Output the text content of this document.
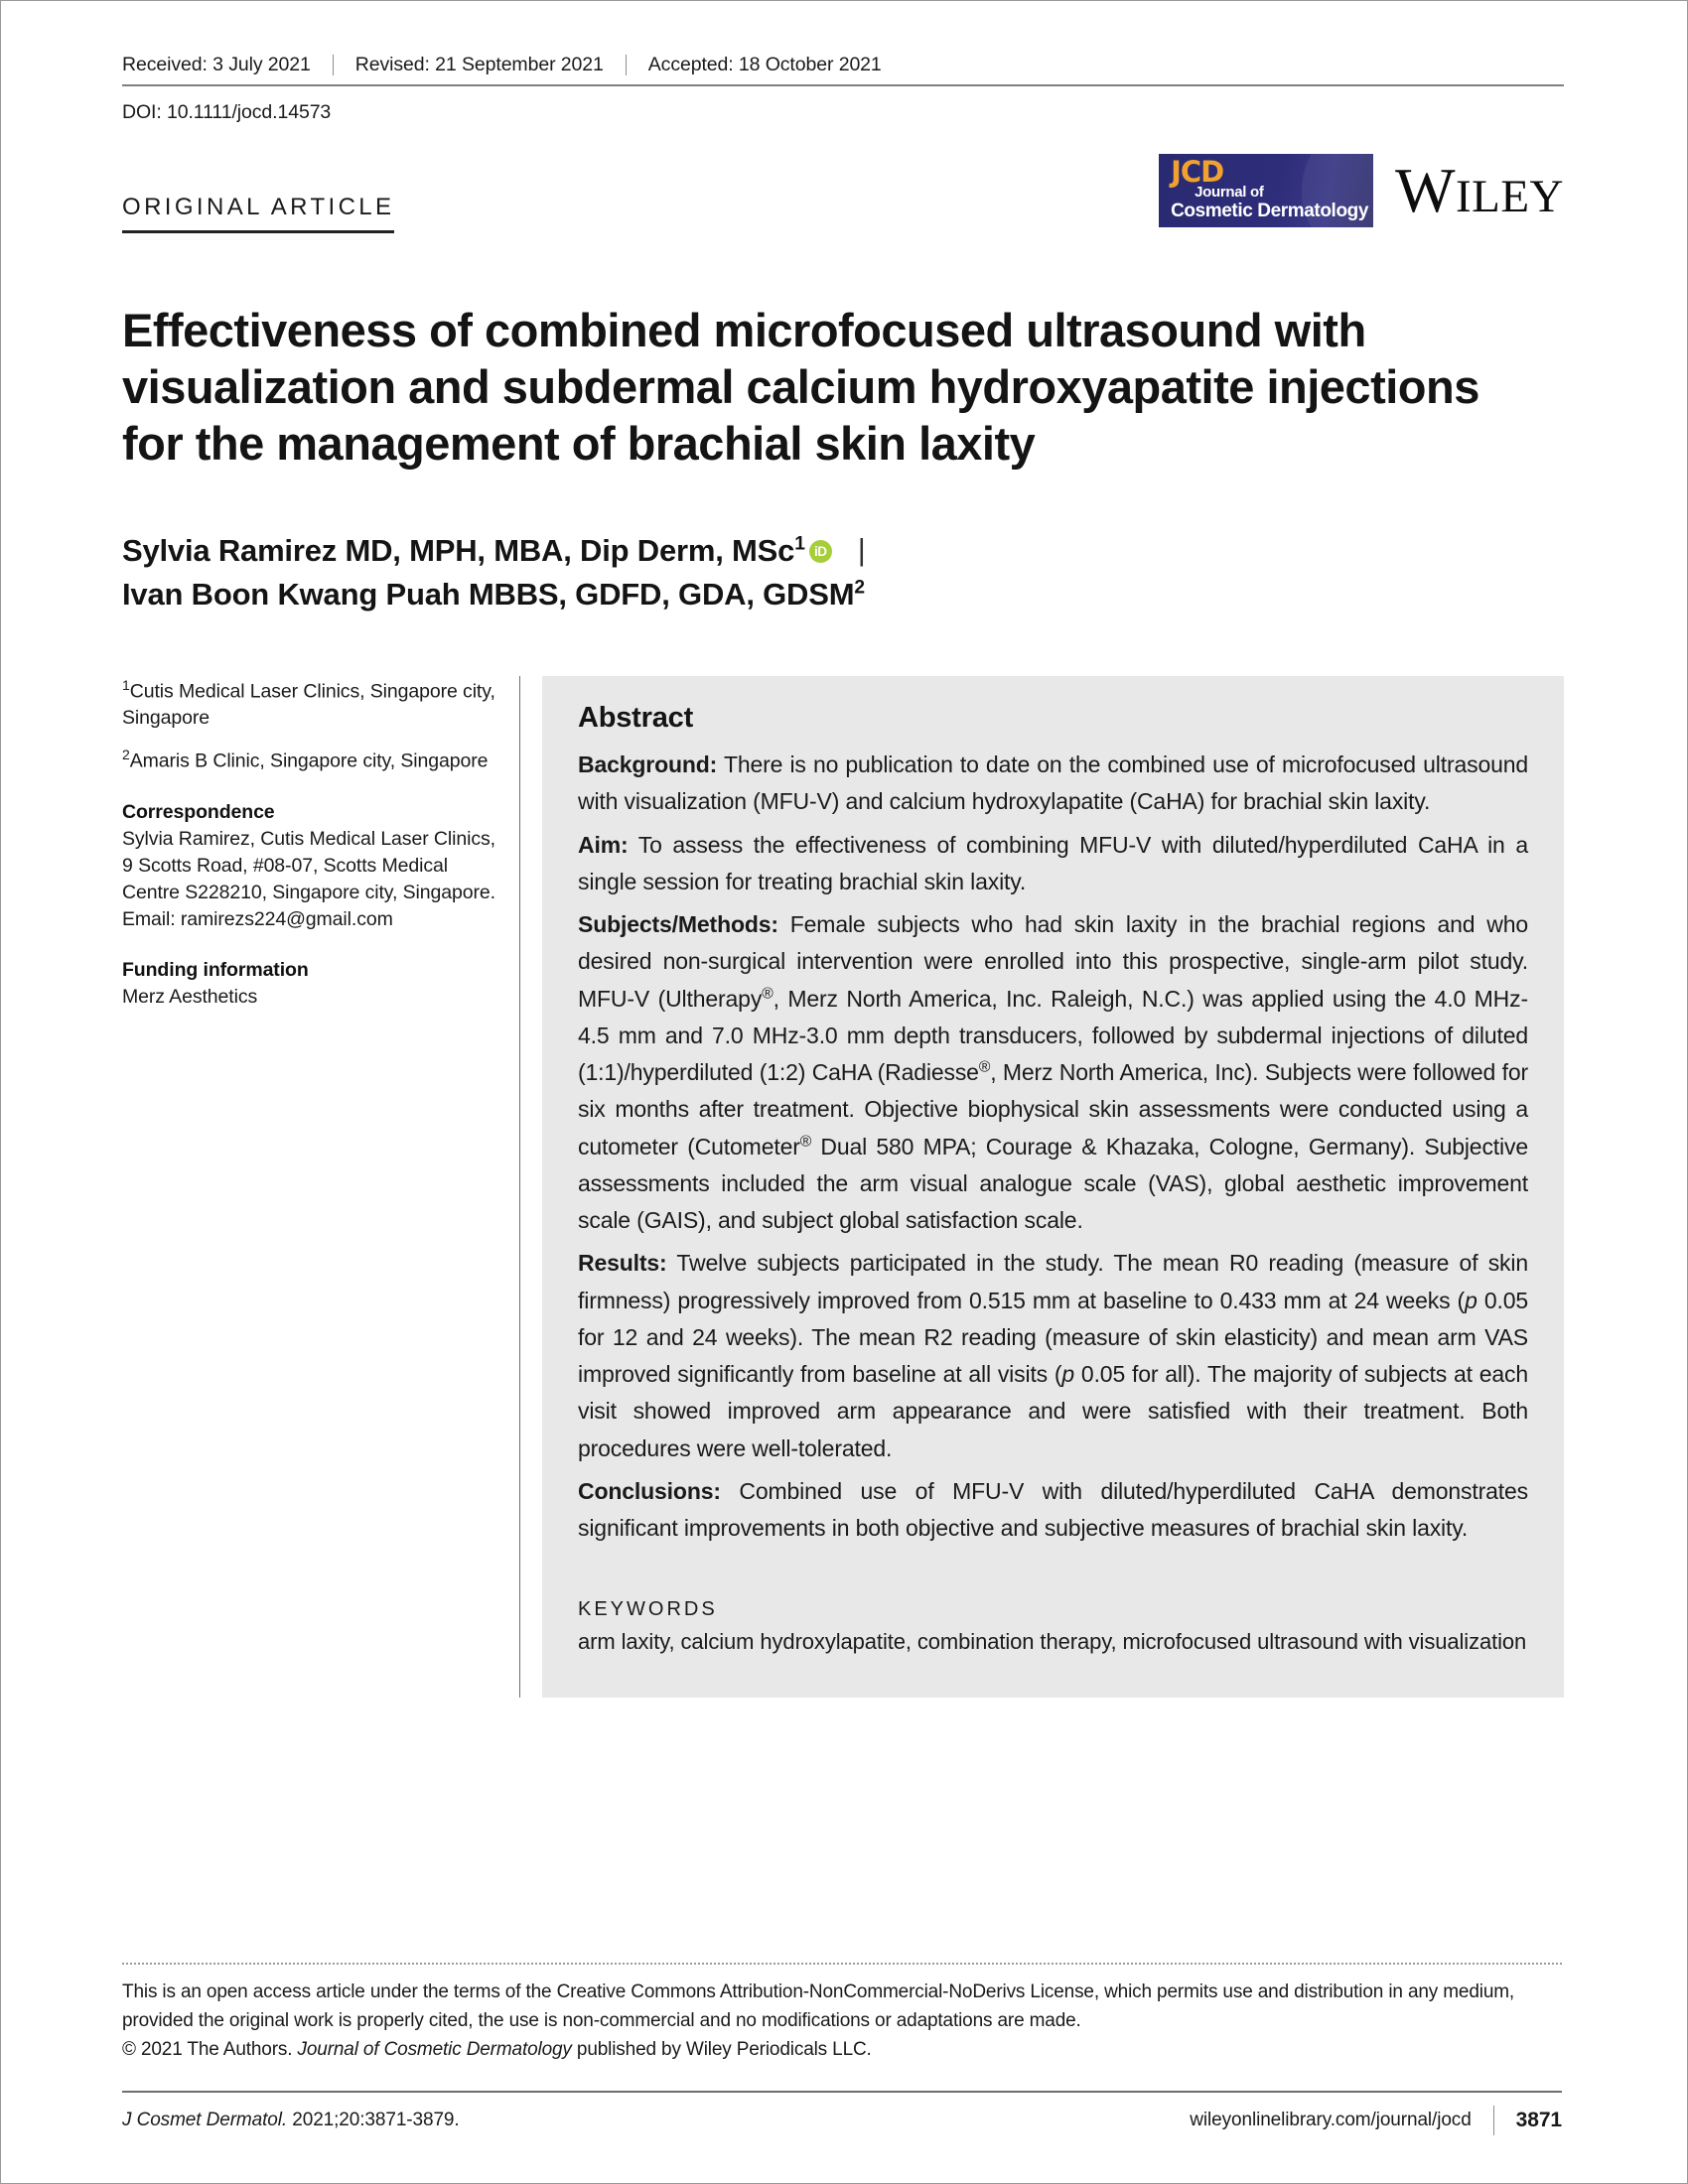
Received: 3 July 2021	Revised: 21 September 2021	Accepted: 18 October 2021
DOI: 10.1111/jocd.14573
ORIGINAL ARTICLE
JCD
Journal of
Cosmetic Dermatology WILEY
Effectiveness of combined microfocused ultrasound with visualization and subdermal calcium hydroxyapatite injections for the management of brachial skin laxity
Sylvia Ramirez MD, MPH, MBA, Dip Derm, MSc$^1$ iD |
Ivan Boon Kwang Puah MBBS, GDFD, GDA, GDSM$^2$
$^1$Cutis Medical Laser Clinics, Singapore city, Singapore
$^2$Amaris B Clinic, Singapore city, Singapore
Correspondence
Sylvia Ramirez, Cutis Medical Laser Clinics, 9 Scotts Road, #08-07, Scotts Medical Centre S228210, Singapore city, Singapore.
Email: ramirezs224@gmail.com
Funding information
Merz Aesthetics
Abstract

Background: There is no publication to date on the combined use of microfocused ultrasound with visualization (MFU-V) and calcium hydroxylapatite (CaHA) for brachial skin laxity.

Aim: To assess the effectiveness of combining MFU-V with diluted/hyperdiluted CaHA in a single session for treating brachial skin laxity.

Subjects/Methods: Female subjects who had skin laxity in the brachial regions and who desired non-surgical intervention were enrolled into this prospective, single-arm pilot study. MFU-V (Ultherapy®, Merz North America, Inc. Raleigh, N.C.) was applied using the 4.0 MHz-4.5 mm and 7.0 MHz-3.0 mm depth transducers, followed by subdermal injections of diluted (1:1)/hyperdiluted (1:2) CaHA (Radiesse®, Merz North America, Inc). Subjects were followed for six months after treatment. Objective biophysical skin assessments were conducted using a cutometer (Cutometer® Dual 580 MPA; Courage & Khazaka, Cologne, Germany). Subjective assessments included the arm visual analogue scale (VAS), global aesthetic improvement scale (GAIS), and subject global satisfaction scale.

Results: Twelve subjects participated in the study. The mean R0 reading (measure of skin firmness) progressively improved from 0.515 mm at baseline to 0.433 mm at 24 weeks (p 0.05 for 12 and 24 weeks). The mean R2 reading (measure of skin elasticity) and mean arm VAS improved significantly from baseline at all visits (p 0.05 for all). The majority of subjects at each visit showed improved arm appearance and were satisfied with their treatment. Both procedures were well-tolerated.

Conclusions: Combined use of MFU-V with diluted/hyperdiluted CaHA demonstrates significant improvements in both objective and subjective measures of brachial skin laxity.

KEYWORDS
arm laxity, calcium hydroxylapatite, combination therapy, microfocused ultrasound with visualization
This is an open access article under the terms of the Creative Commons Attribution-NonCommercial-NoDerivs License, which permits use and distribution in any medium, provided the original work is properly cited, the use is non-commercial and no modifications or adaptations are made.
© 2021 The Authors. Journal of Cosmetic Dermatology published by Wiley Periodicals LLC.
J Cosmet Dermatol. 2021;20:3871-3879.	wileyonlinelibrary.com/journal/jocd	3871
